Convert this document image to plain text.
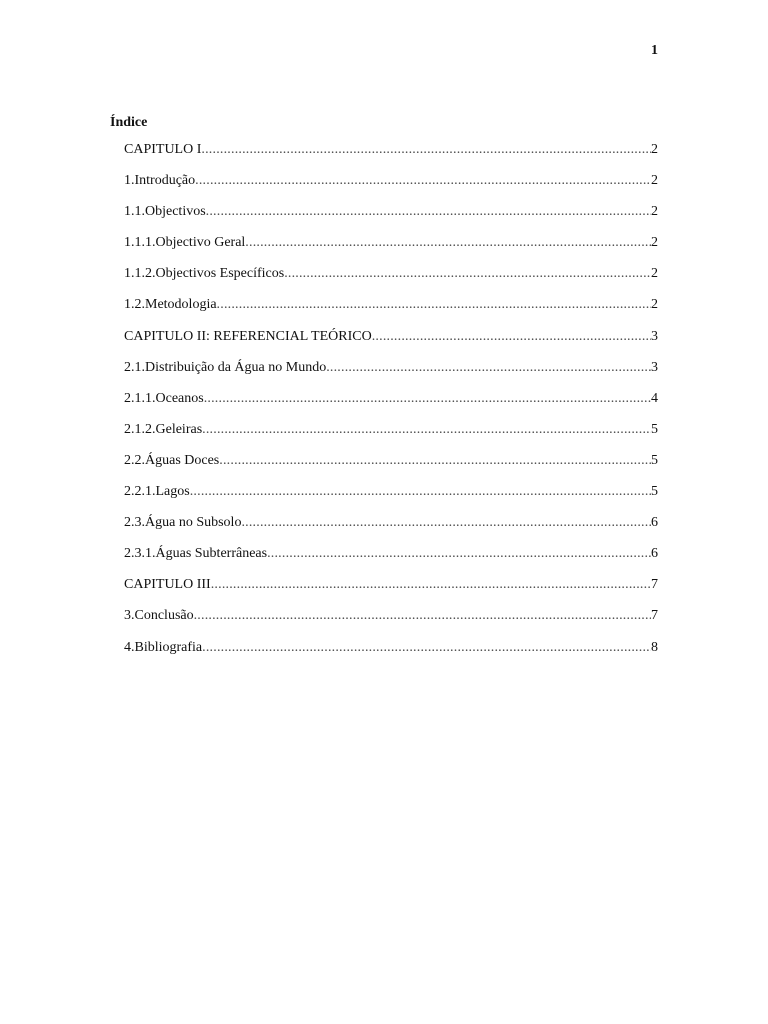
1
Índice
CAPITULO I .....	2
1.Introdução .....	2
1.1.Objectivos .....	2
1.1.1.Objectivo Geral .....	2
1.1.2.Objectivos Específicos .....	2
1.2.Metodologia .....	2
CAPITULO II: REFERENCIAL TEÓRICO .....	3
2.1.Distribuição da Água no Mundo .....	3
2.1.1.Oceanos .....	4
2.1.2.Geleiras .....	5
2.2.Águas Doces .....	5
2.2.1.Lagos .....	5
2.3.Água no Subsolo .....	6
2.3.1.Águas Subterrâneas .....	6
CAPITULO III .....	7
3.Conclusão .....	7
4.Bibliografia .....	8
